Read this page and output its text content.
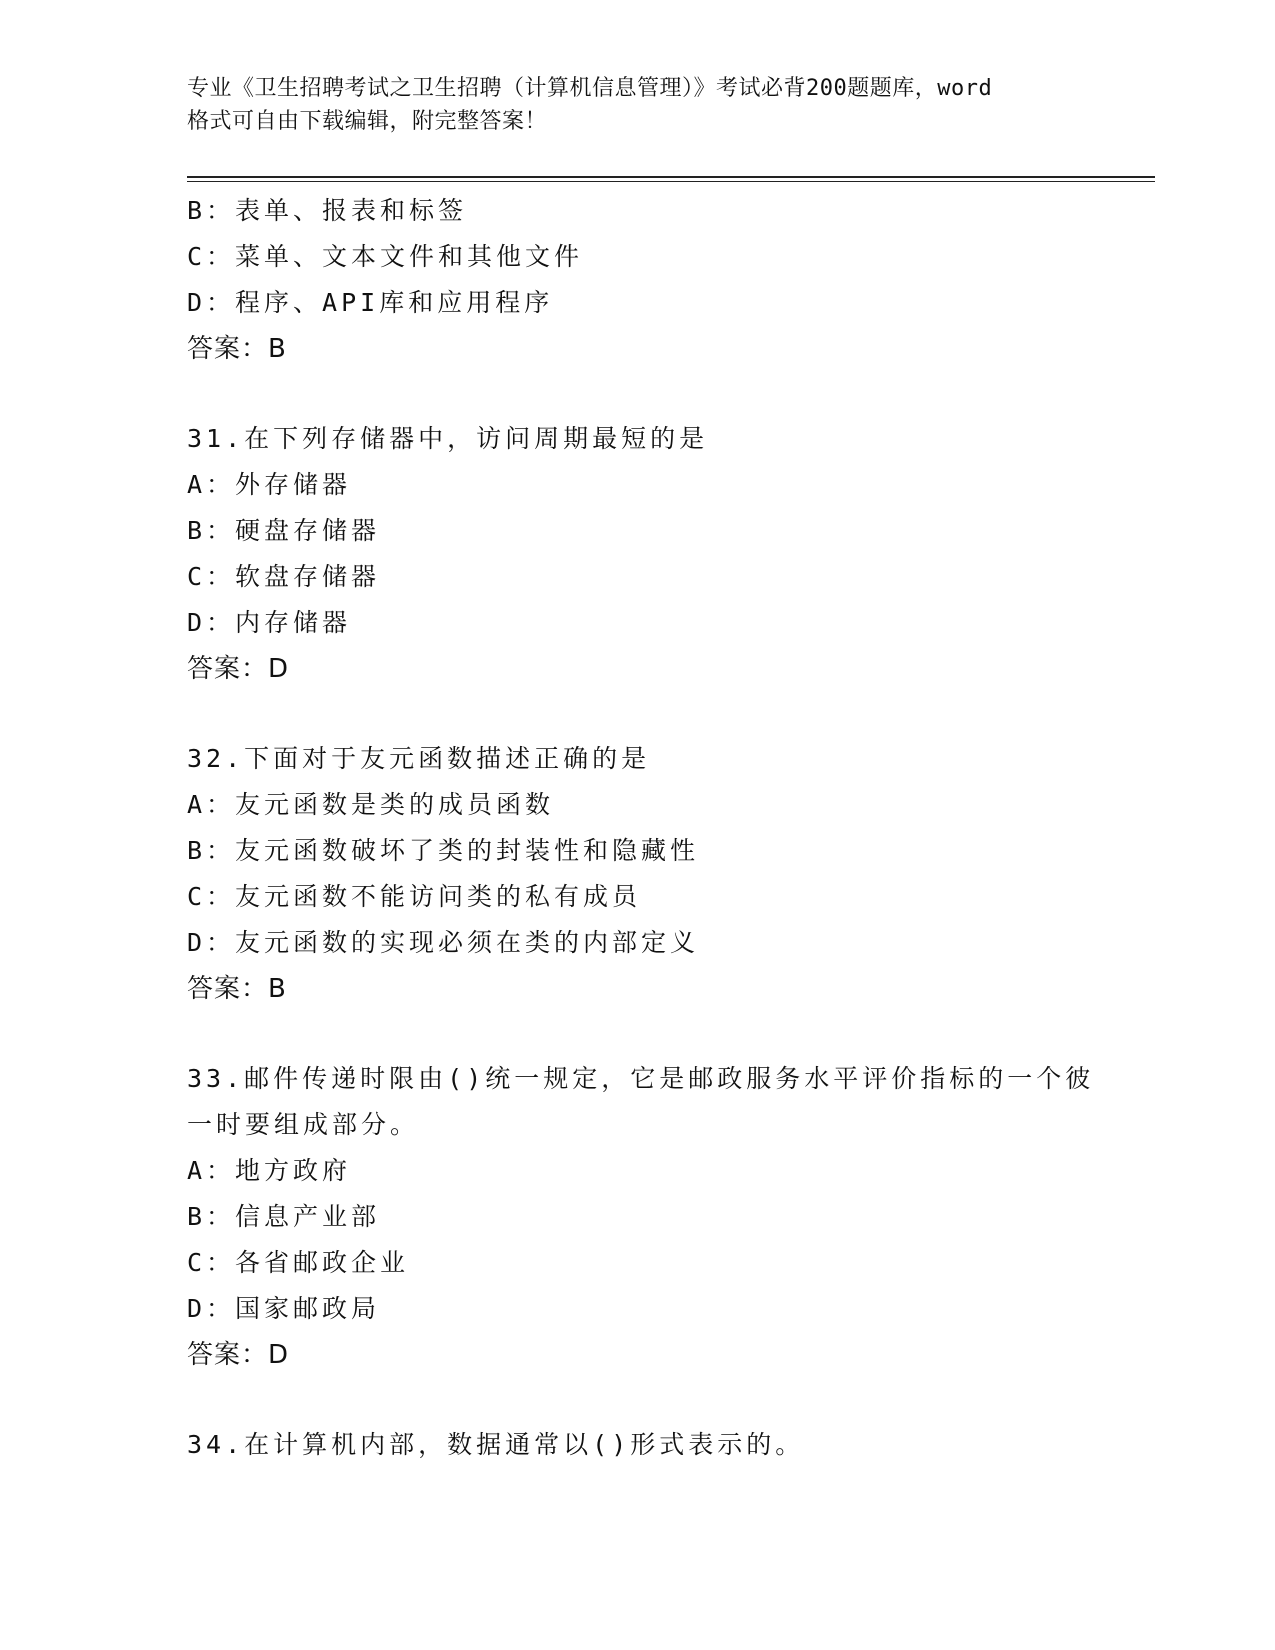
专业《卫生招聘考试之卫生招聘（计算机信息管理）》考试必背200题题库，word
格式可自由下载编辑，附完整答案！
B：表单、报表和标签
C：菜单、文本文件和其他文件
D：程序、API库和应用程序
答案：B
31.在下列存储器中，访问周期最短的是
A：外存储器
B：硬盘存储器
C：软盘存储器
D：内存储器
答案：D
32.下面对于友元函数描述正确的是
A：友元函数是类的成员函数
B：友元函数破坏了类的封装性和隐藏性
C：友元函数不能访问类的私有成员
D：友元函数的实现必须在类的内部定义
答案：B
33.邮件传递时限由()统一规定，它是邮政服务水平评价指标的一个彼
一时要组成部分。
A：地方政府
B：信息产业部
C：各省邮政企业
D：国家邮政局
答案：D
34.在计算机内部，数据通常以()形式表示的。
